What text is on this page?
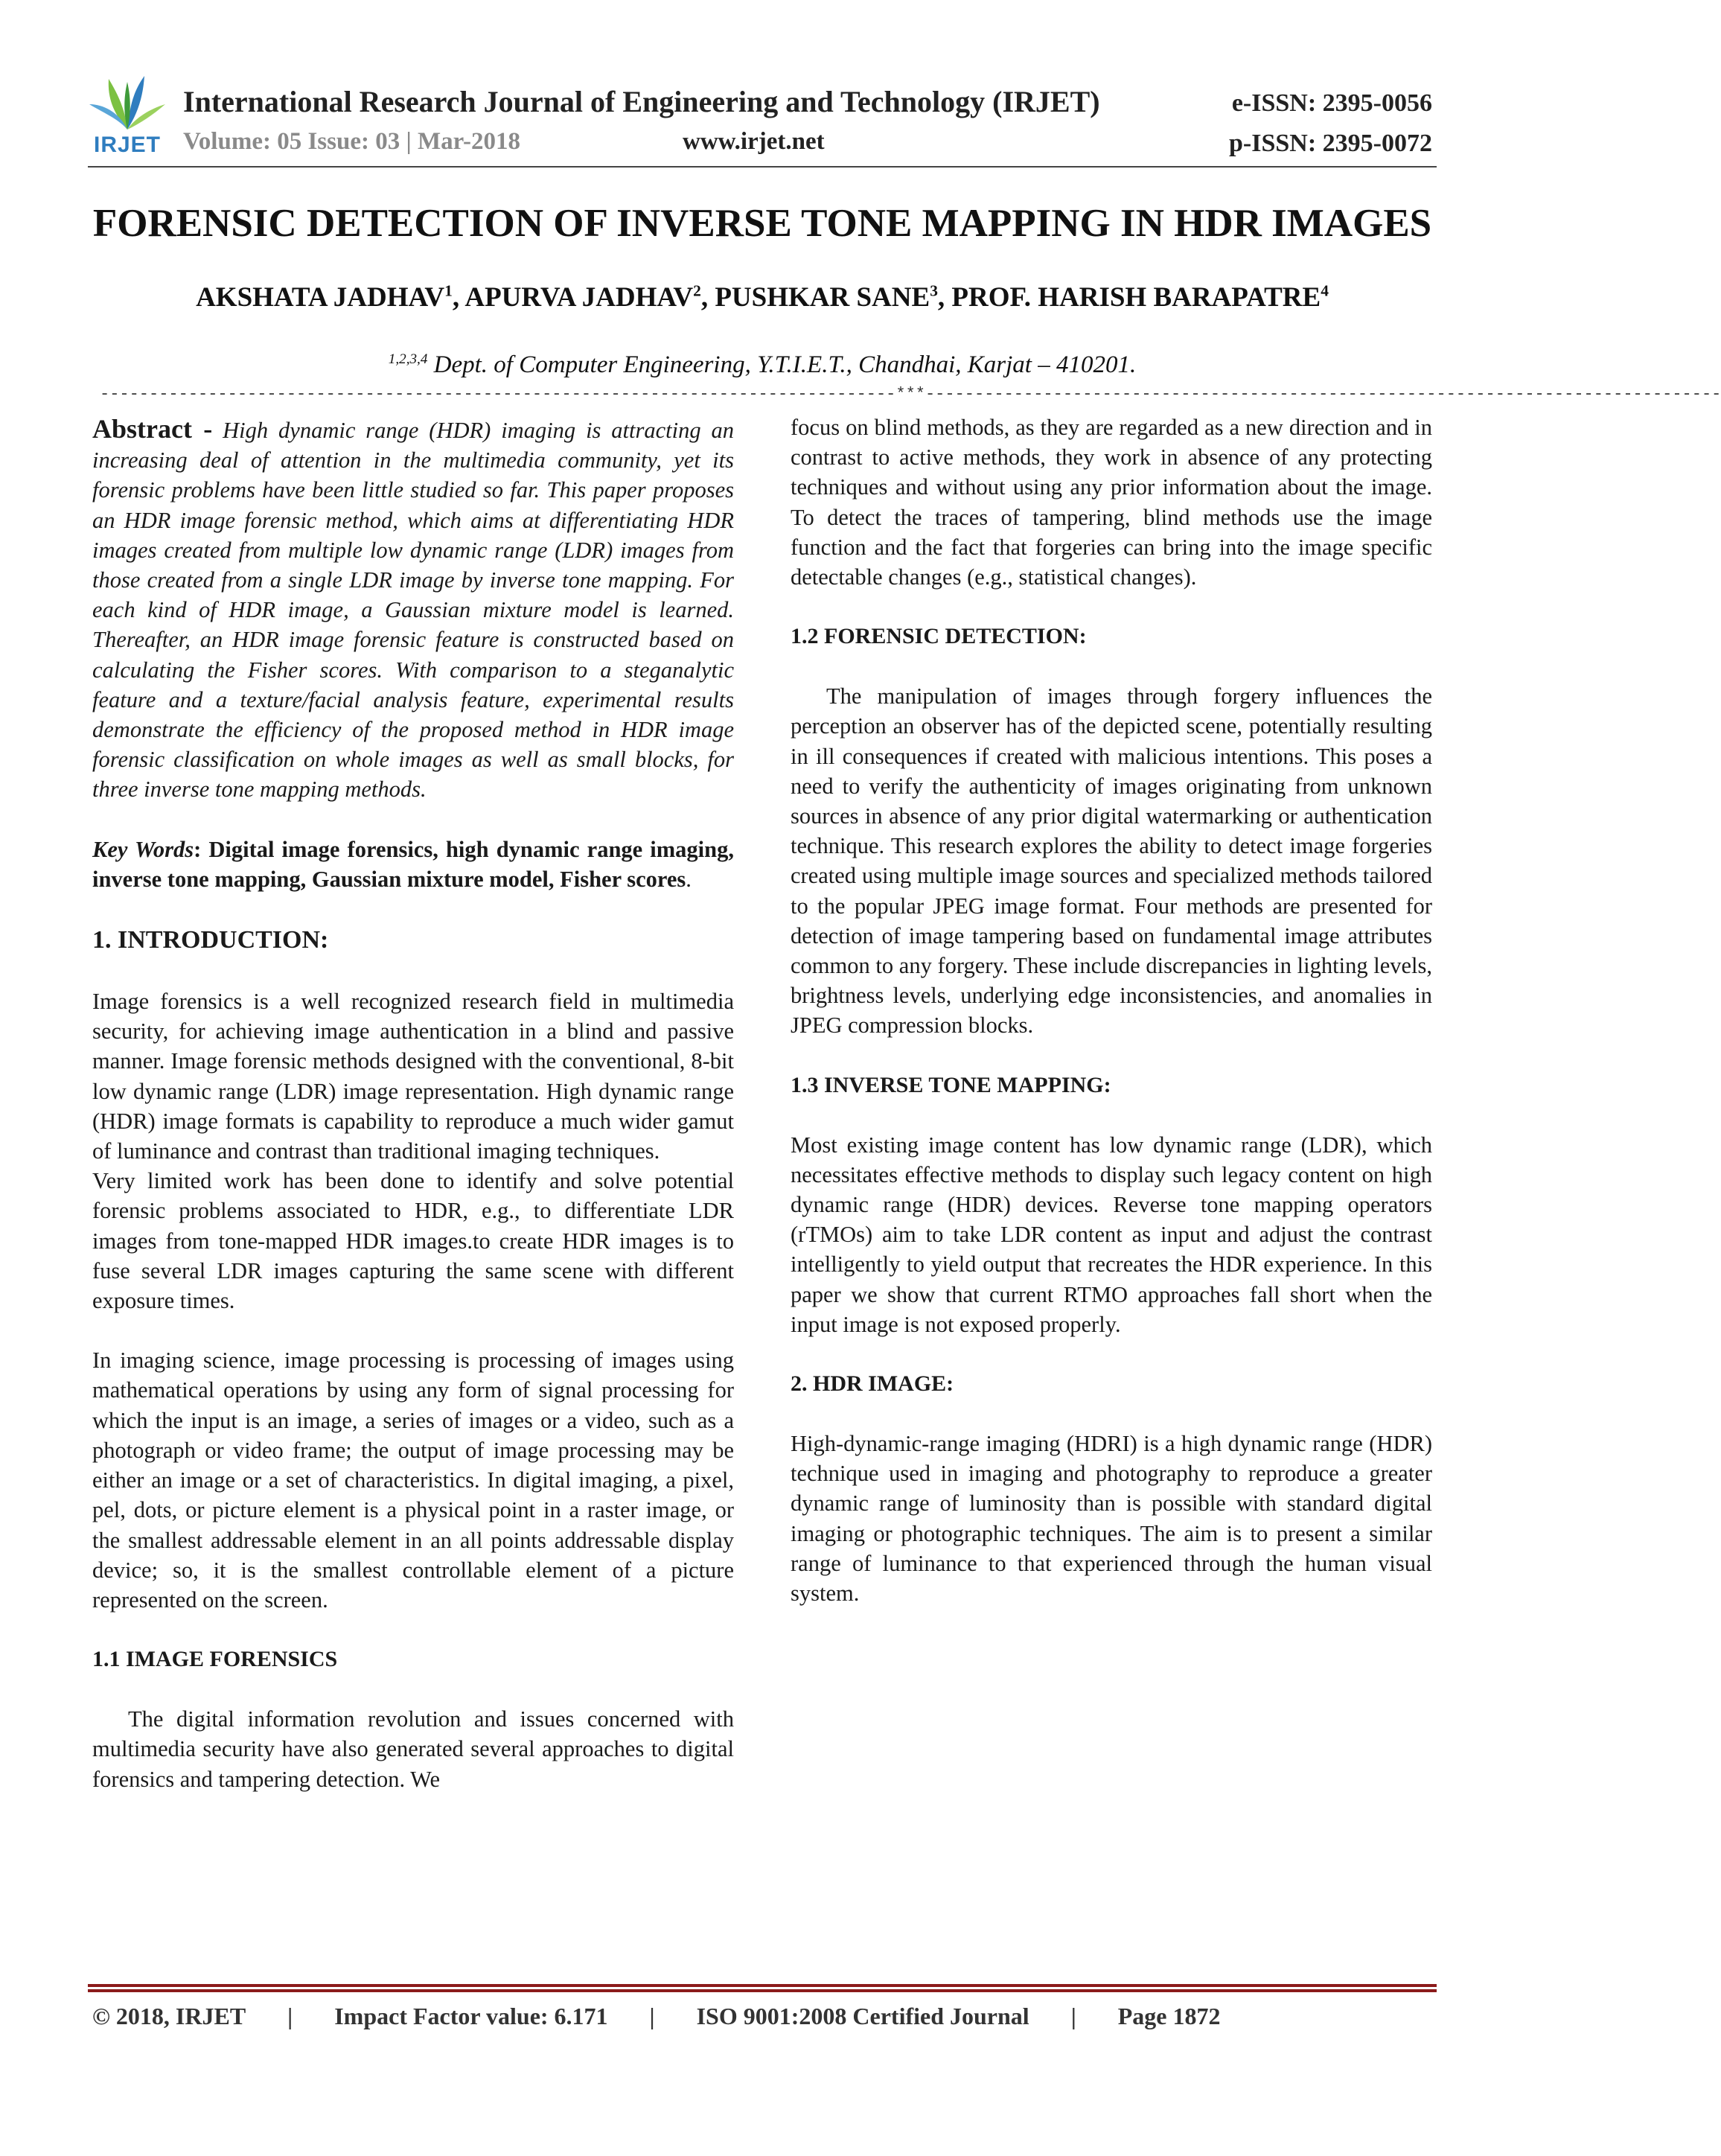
IRJET
International Research Journal of Engineering and Technology (IRJET)
Volume: 05 Issue: 03 | Mar-2018	www.irjet.net
e-ISSN: 2395-0056
p-ISSN: 2395-0072
FORENSIC DETECTION OF INVERSE TONE MAPPING IN HDR IMAGES
AKSHATA JADHAV$^1$, APURVA JADHAV$^2$, PUSHKAR SANE$^3$, PROF. HARISH BARAPATRE$^4$
$^{1,2,3,4}$ Dept. of Computer Engineering, Y.T.I.E.T., Chandhai, Karjat – 410201.
---------------------------------------------------------------------------------***---------------------------------------------------------------------------------

Abstract - High dynamic range (HDR) imaging is attracting an increasing deal of attention in the multimedia community, yet its forensic problems have been little studied so far. This paper proposes an HDR image forensic method, which aims at differentiating HDR images created from multiple low dynamic range (LDR) images from those created from a single LDR image by inverse tone mapping. For each kind of HDR image, a Gaussian mixture model is learned. Thereafter, an HDR image forensic feature is constructed based on calculating the Fisher scores. With comparison to a steganalytic feature and a texture/facial analysis feature, experimental results demonstrate the efficiency of the proposed method in HDR image forensic classification on whole images as well as small blocks, for three inverse tone mapping methods.

Key Words: Digital image forensics, high dynamic range imaging, inverse tone mapping, Gaussian mixture model, Fisher scores.

1. INTRODUCTION:

Image forensics is a well recognized research field in multimedia security, for achieving image authentication in a blind and passive manner. Image forensic methods designed with the conventional, 8-bit low dynamic range (LDR) image representation. High dynamic range (HDR) image formats is capability to reproduce a much wider gamut of luminance and contrast than traditional imaging techniques.

Very limited work has been done to identify and solve potential forensic problems associated to HDR, e.g., to differentiate LDR images from tone-mapped HDR images.to create HDR images is to fuse several LDR images capturing the same scene with different exposure times.

In imaging science, image processing is processing of images using mathematical operations by using any form of signal processing for which the input is an image, a series of images or a video, such as a photograph or video frame; the output of image processing may be either an image or a set of characteristics. In digital imaging, a pixel, pel, dots, or picture element is a physical point in a raster image, or the smallest addressable element in an all points addressable display device; so, it is the smallest controllable element of a picture represented on the screen.

1.1 IMAGE FORENSICS

The digital information revolution and issues concerned with multimedia security have also generated several approaches to digital forensics and tampering detection. We

focus on blind methods, as they are regarded as a new direction and in contrast to active methods, they work in absence of any protecting techniques and without using any prior information about the image. To detect the traces of tampering, blind methods use the image function and the fact that forgeries can bring into the image specific detectable changes (e.g., statistical changes).

1.2 FORENSIC DETECTION:

The manipulation of images through forgery influences the perception an observer has of the depicted scene, potentially resulting in ill consequences if created with malicious intentions. This poses a need to verify the authenticity of images originating from unknown sources in absence of any prior digital watermarking or authentication technique. This research explores the ability to detect image forgeries created using multiple image sources and specialized methods tailored to the popular JPEG image format. Four methods are presented for detection of image tampering based on fundamental image attributes common to any forgery. These include discrepancies in lighting levels, brightness levels, underlying edge inconsistencies, and anomalies in JPEG compression blocks.

1.3 INVERSE TONE MAPPING:

Most existing image content has low dynamic range (LDR), which necessitates effective methods to display such legacy content on high dynamic range (HDR) devices. Reverse tone mapping operators (rTMOs) aim to take LDR content as input and adjust the contrast intelligently to yield output that recreates the HDR experience. In this paper we show that current RTMO approaches fall short when the input image is not exposed properly.

2. HDR IMAGE:

High-dynamic-range imaging (HDRI) is a high dynamic range (HDR) technique used in imaging and photography to reproduce a greater dynamic range of luminosity than is possible with standard digital imaging or photographic techniques. The aim is to present a similar range of luminance to that experienced through the human visual system.

© 2018, IRJET | Impact Factor value: 6.171 | ISO 9001:2008 Certified Journal | Page 1872
